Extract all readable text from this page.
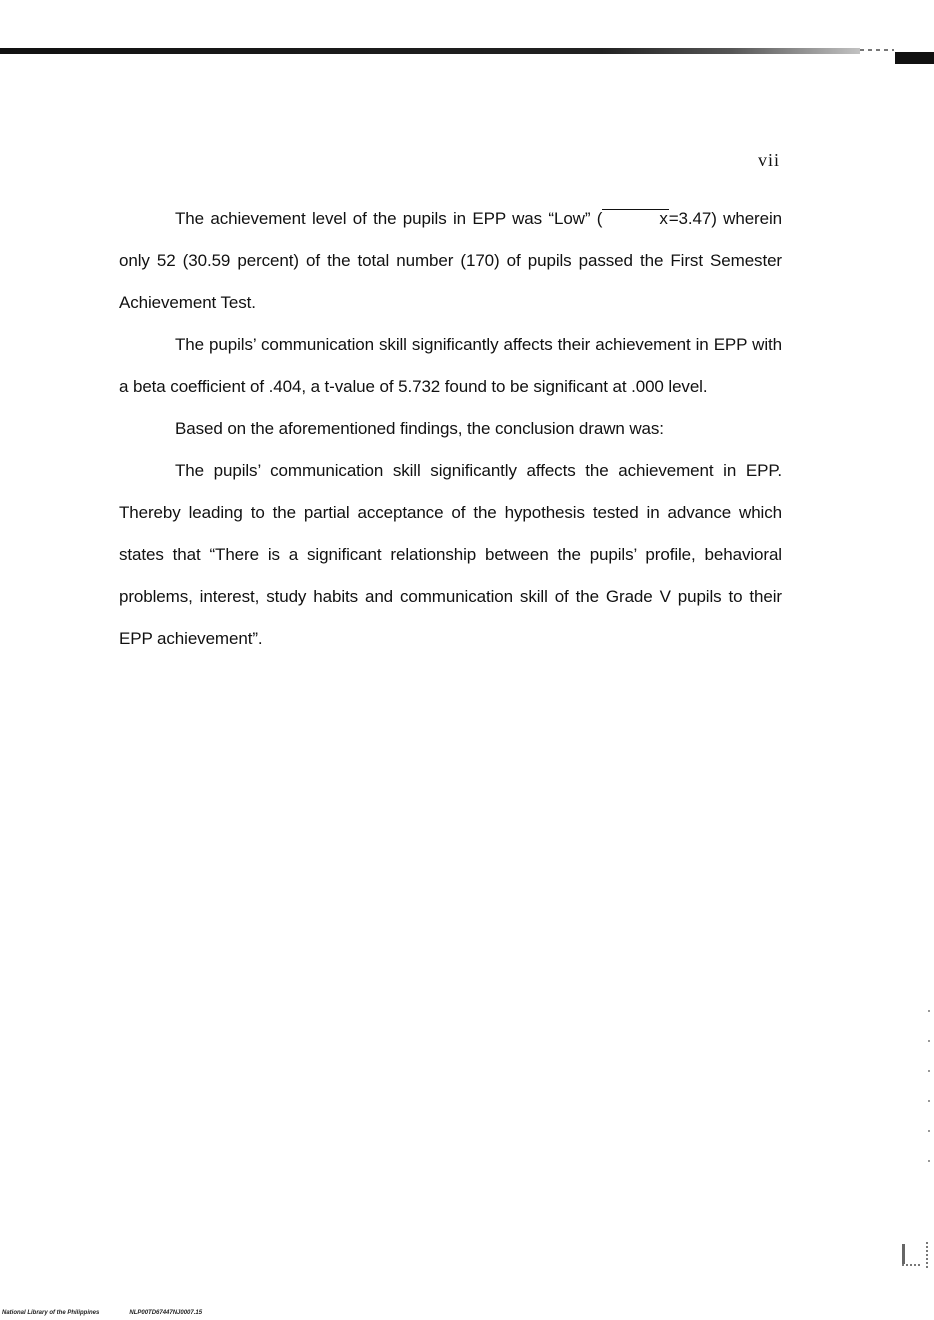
vii

The achievement level of the pupils in EPP was “Low” (	x=3.47) wherein only 52 (30.59 percent) of the total number (170) of pupils passed the First Semester Achievement Test.

The pupils’ communication skill significantly affects their achievement in EPP with a beta coefficient of .404, a t-value of 5.732 found to be significant at .000 level.

Based on the aforementioned findings, the conclusion drawn was:

The pupils’ communication skill significantly affects the achievement in EPP. Thereby leading to the partial acceptance of the hypothesis tested in advance which states that “There is a significant relationship between the pupils’ profile, behavioral problems, interest, study habits and communication skill of the Grade V pupils to their EPP achievement”.

National Library of the Philippines	NLP00TD67447NJ0007.15
